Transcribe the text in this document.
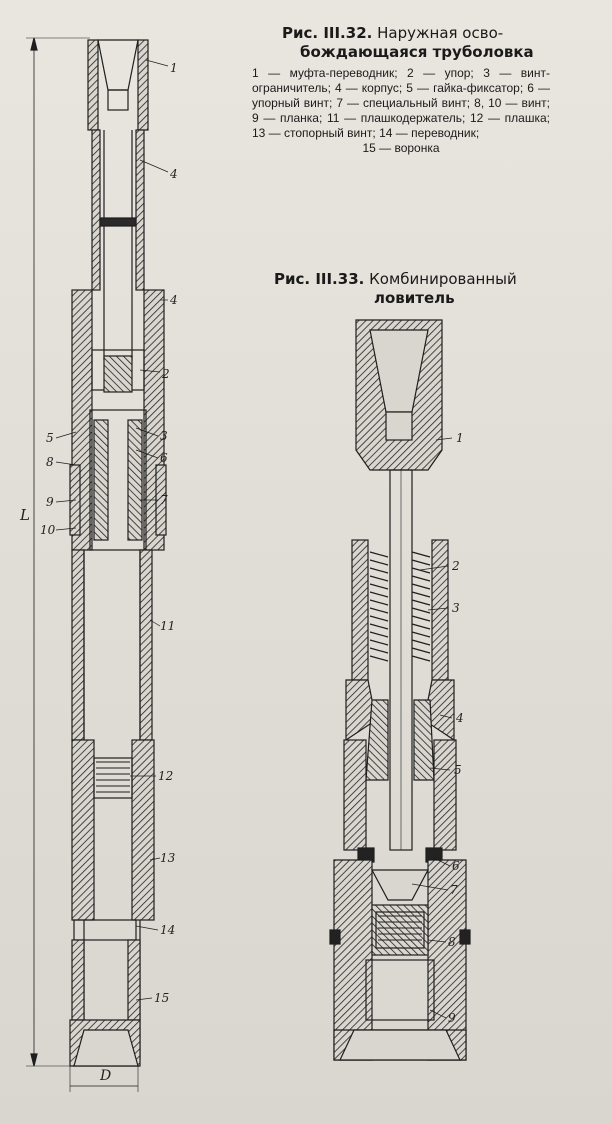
Рис. III.32. Наружная осво-
бождающаяся труболовка
1 — муфта-переводник; 2 — упор; 3 — винт-ограничитель; 4 — корпус; 5 — гайка-фиксатор; 6 — упорный винт; 7 — специальный винт; 8, 10 — винт; 9 — планка; 11 — плашкодержатель; 12 — плашка; 13 — стопорный винт; 14 — переводник;
15 — воронка
Рис. III.33. Комбинированный
ловитель
1
4
4
2
5	3
6
8
9	7
10
11
12
13
14
15
L
D
1
2
3
4
5
6
7
8
9
